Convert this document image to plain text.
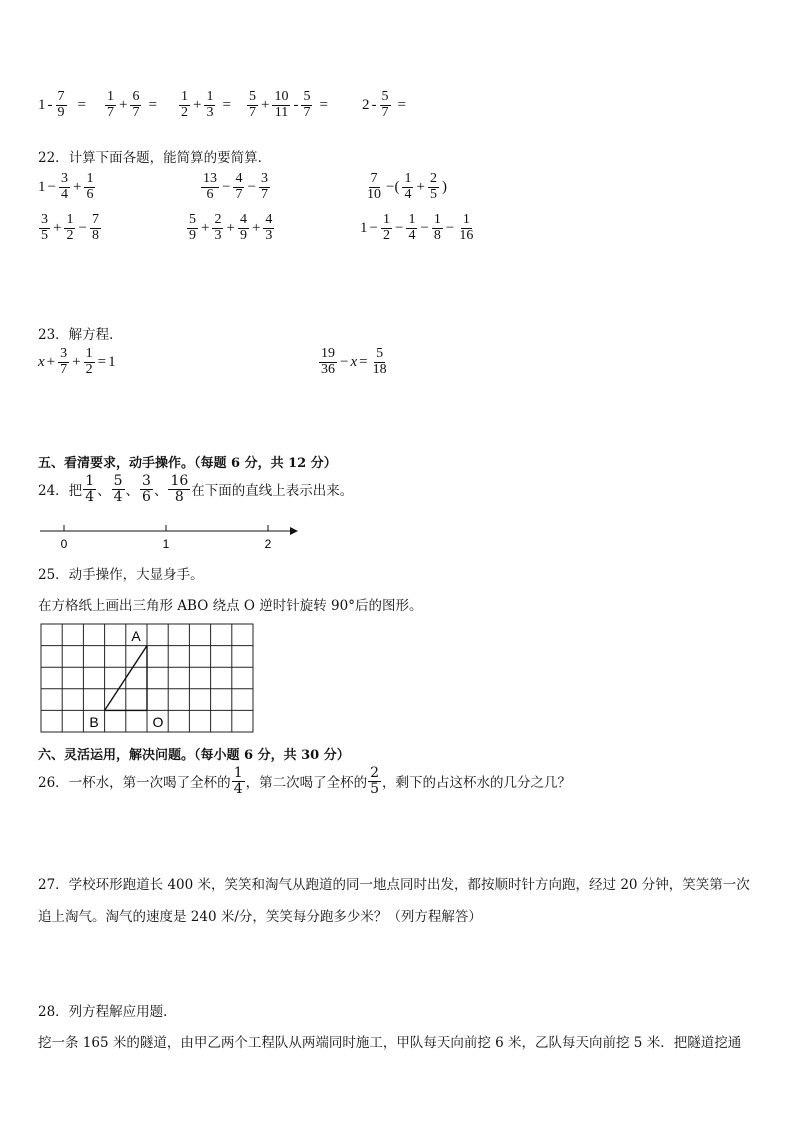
$1 - \frac{7}{9} = \frac{1}{7} + \frac{6}{7} = \frac{1}{2} + \frac{1}{3} = \frac{5}{7} + \frac{10}{11} - \frac{5}{7} = 2 - \frac{5}{7}$ =
22．计算下面各题，能简算的要简算．
$1 - \frac{3}{4} + \frac{1}{6}$	$\frac{13}{6} - \frac{4}{7} - \frac{3}{7}$	$\frac{7}{10}$ −( $\frac{1}{4} + \frac{2}{5}$ )
$\frac{3}{5} + \frac{1}{2} - \frac{7}{8}$	$\frac{5}{9} + \frac{2}{3} + \frac{4}{9} + \frac{4}{3}$	$1 - \frac{1}{2} - \frac{1}{4} - \frac{1}{8} - \frac{1}{16}$
23．解方程．
$x + \frac{3}{7} + \frac{1}{2} = 1$	$\frac{19}{36} - x = \frac{5}{18}$
五、看清要求，动手操作。（每题 6 分，共 12 分）
24．把 $\frac{1}{4}$ 、 $\frac{5}{4}$ 、 $\frac{3}{6}$ 、 $\frac{16}{8}$ 在下面的直线上表示出来。
0	1	2
25．动手操作，大显身手。
在方格纸上画出三角形 ABO 绕点 O 逆时针旋转 90°后的图形。
A
B	O
六、灵活运用，解决问题。（每小题 6 分，共 30 分）
26．一杯水，第一次喝了全杯的 $\frac{1}{4}$ ，第二次喝了全杯的 $\frac{2}{5}$ ，剩下的占这杯水的几分之几？
27．学校环形跑道长 400 米，笑笑和淘气从跑道的同一地点同时出发，都按顺时针方向跑，经过 20 分钟，笑笑第一次
追上淘气。淘气的速度是 240 米/分，笑笑每分跑多少米？（列方程解答）
28．列方程解应用题．
挖一条 165 米的隧道，由甲乙两个工程队从两端同时施工，甲队每天向前挖 6 米，乙队每天向前挖 5 米．把隧道挖通
